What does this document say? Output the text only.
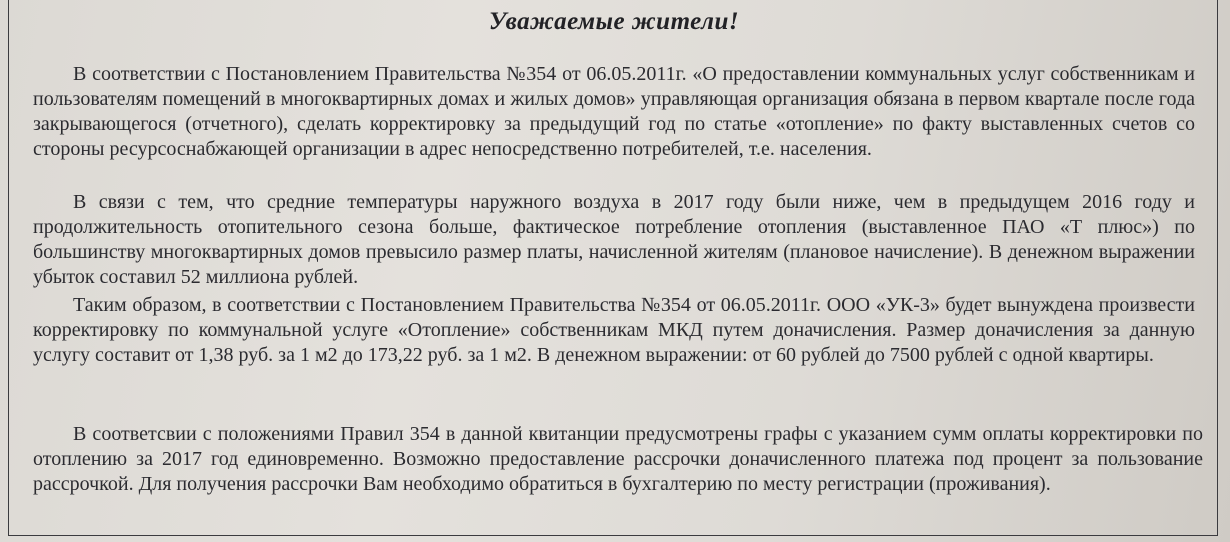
Уважаемые жители!

В соответствии с Постановлением Правительства №354 от 06.05.2011г. «О предоставлении коммунальных услуг собственникам и пользователям помещений в многоквартирных домах и жилых домов» управляющая организация обязана в первом квартале после года закрывающегося (отчетного), сделать корректировку за предыдущий год по статье «отопление» по факту выставленных счетов со стороны ресурсоснабжающей организации в адрес непосредственно потребителей, т.е. населения.

В связи с тем, что средние температуры наружного воздуха в 2017 году были ниже, чем в предыдущем 2016 году и продолжительность отопительного сезона больше, фактическое потребление отопления (выставленное ПАО «Т плюс») по большинству многоквартирных домов превысило размер платы, начисленной жителям (плановое начисление). В денежном выражении убыток составил 52 миллиона рублей.

Таким образом, в соответствии с Постановлением Правительства №354 от 06.05.2011г. ООО «УК-3» будет вынуждена произвести корректировку по коммунальной услуге «Отопление» собственникам МКД путем доначисления. Размер доначисления за данную услугу составит от 1,38 руб. за 1 м2 до 173,22 руб. за 1 м2. В денежном выражении: от 60 рублей до 7500 рублей с одной квартиры.

В соответсвии с положениями Правил 354 в данной квитанции предусмотрены графы с указанием сумм оплаты корректировки по отоплению за 2017 год единовременно. Возможно предоставление рассрочки доначисленного платежа под процент за пользование рассрочкой. Для получения рассрочки Вам необходимо обратиться в бухгалтерию по месту регистрации (проживания).
